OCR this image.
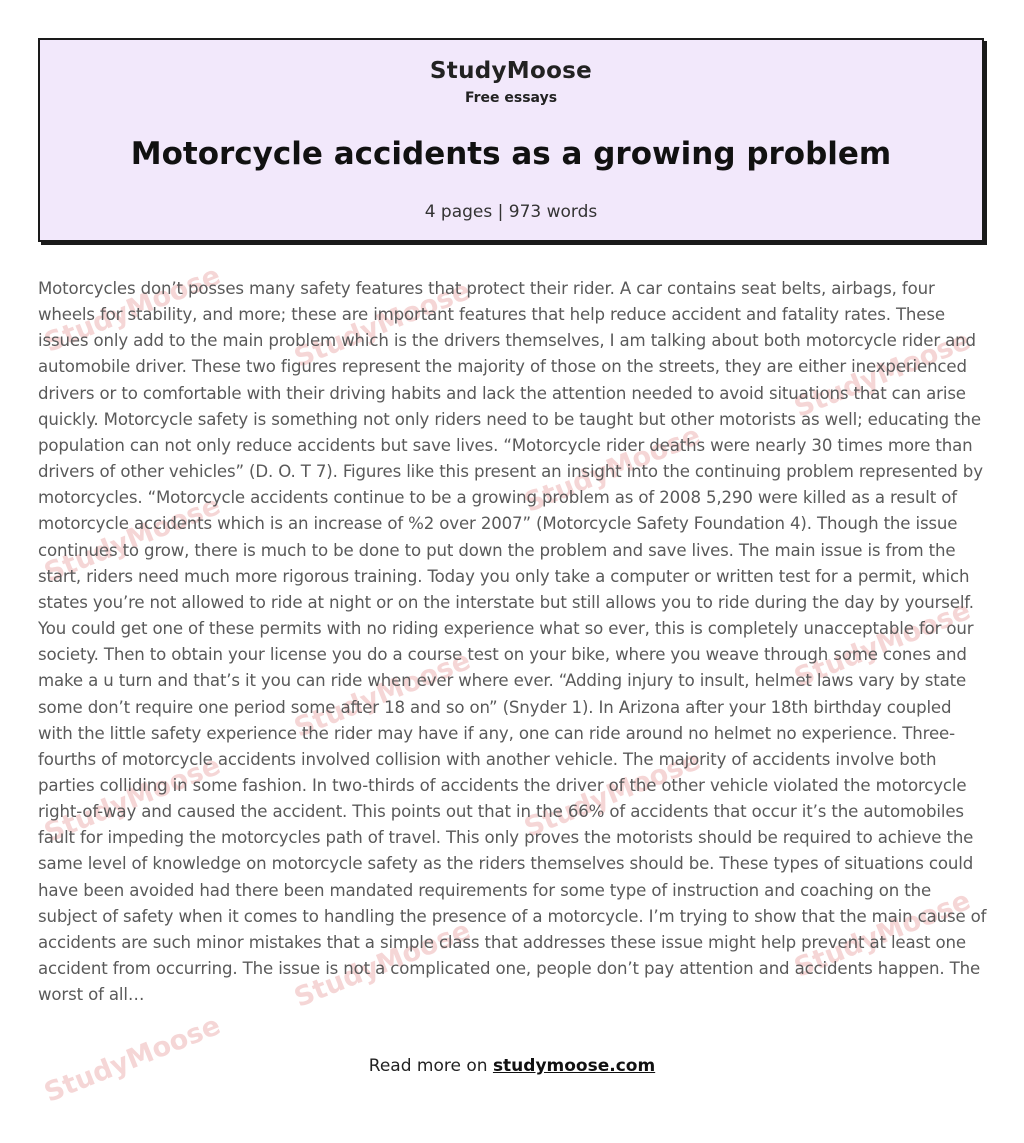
StudyMoose StudyMoose
StudyMoose
StudyMoose
StudyMoose
StudyMoose
StudyMoose
StudyMoose	StudyMoose
StudyMoose
StudyMoose
StudyMoose
StudyMoose
Free essays
Motorcycle accidents as a growing problem
4 pages | 973 words

Motorcycles don’t posses many safety features that protect their rider. A car contains seat belts, airbags, four wheels for stability, and more; these are important features that help reduce accident and fatality rates. These issues only add to the main problem which is the drivers themselves, I am talking about both motorcycle rider and automobile driver. These two figures represent the majority of those on the streets, they are either inexperienced drivers or to comfortable with their driving habits and lack the attention needed to avoid situations that can arise quickly. Motorcycle safety is something not only riders need to be taught but other motorists as well; educating the population can not only reduce accidents but save lives. “Motorcycle rider deaths were nearly 30 times more than drivers of other vehicles” (D. O. T 7). Figures like this present an insight into the continuing problem represented by motorcycles. “Motorcycle accidents continue to be a growing problem as of 2008 5,290 were killed as a result of motorcycle accidents which is an increase of %2 over 2007” (Motorcycle Safety Foundation 4). Though the issue continues to grow, there is much to be done to put down the problem and save lives. The main issue is from the start, riders need much more rigorous training. Today you only take a computer or written test for a permit, which states you’re not allowed to ride at night or on the interstate but still allows you to ride during the day by yourself. You could get one of these permits with no riding experience what so ever, this is completely unacceptable for our society. Then to obtain your license you do a course test on your bike, where you weave through some cones and make a u turn and that’s it you can ride when ever where ever. “Adding injury to insult, helmet laws vary by state some don’t require one period some after 18 and so on” (Snyder 1). In Arizona after your 18th birthday coupled with the little safety experience the rider may have if any, one can ride around no helmet no experience. Three-fourths of motorcycle accidents involved collision with another vehicle. The majority of accidents involve both parties colliding in some fashion. In two-thirds of accidents the driver of the other vehicle violated the motorcycle right-of-way and caused the accident. This points out that in the 66% of accidents that occur it’s the automobiles fault for impeding the motorcycles path of travel. This only proves the motorists should be required to achieve the same level of knowledge on motorcycle safety as the riders themselves should be. These types of situations could have been avoided had there been mandated requirements for some type of instruction and coaching on the subject of safety when it comes to handling the presence of a motorcycle. I’m trying to show that the main cause of accidents are such minor mistakes that a simple class that addresses these issue might help prevent at least one accident from occurring. The issue is not a complicated one, people don’t pay attention and accidents happen. The worst of all…

Read more on studymoose.com
